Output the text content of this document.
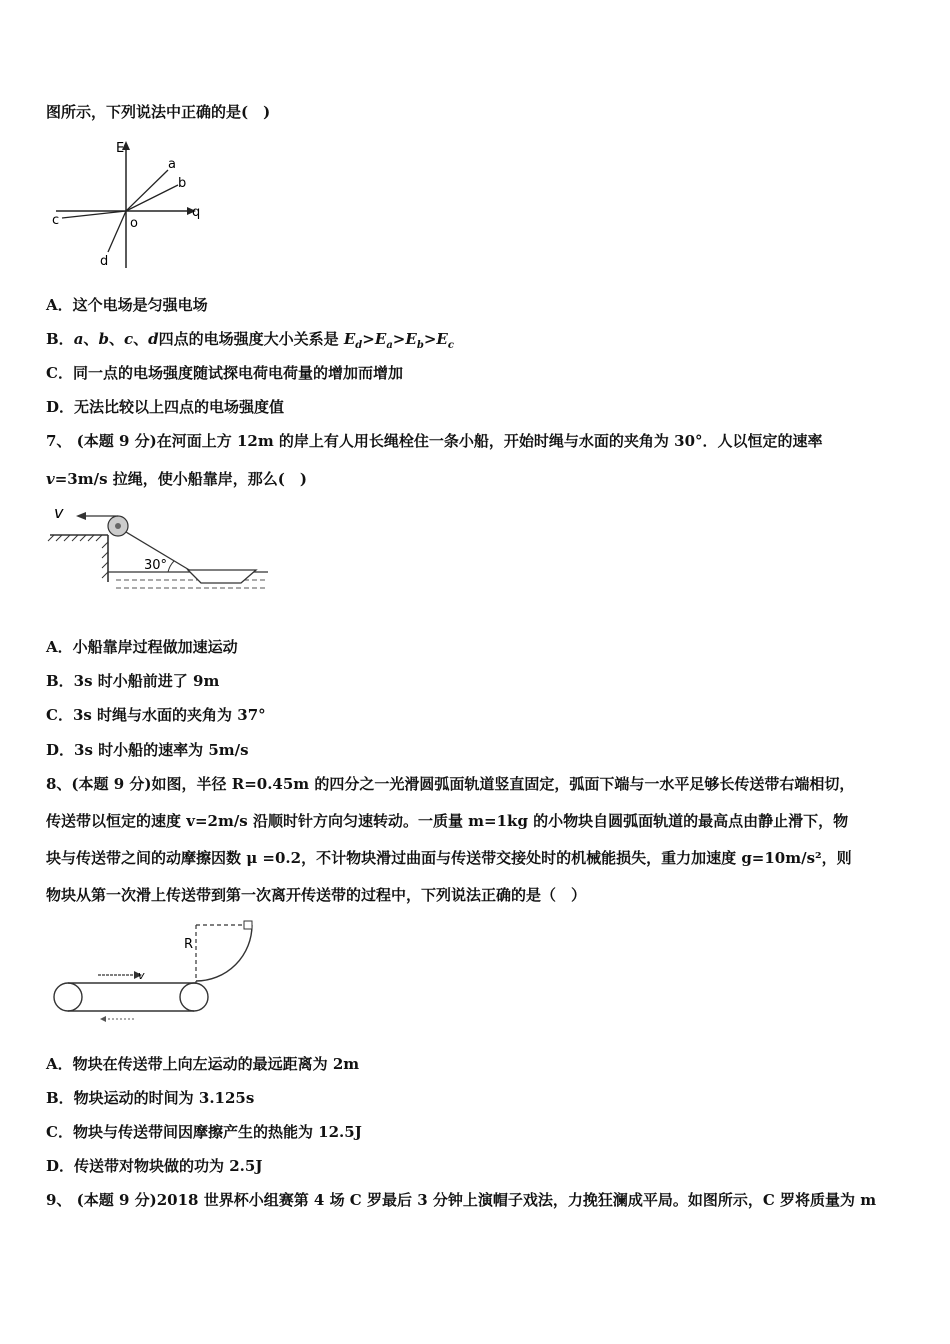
图所示，下列说法中正确的是(　)
E
q
o
a
b
c
d
A．这个电场是匀强电场
B．a、b、c、d四点的电场强度大小关系是 $E_d>E_a>E_b>E_c$
C．同一点的电场强度随试探电荷电荷量的增加而增加
D．无法比较以上四点的电场强度值
7、 (本题 9 分)在河面上方 12m 的岸上有人用长绳栓住一条小船，开始时绳与水面的夹角为 30°．人以恒定的速率
v=3m/s 拉绳，使小船靠岸，那么(　)
v
30°
A．小船靠岸过程做加速运动
B．3s 时小船前进了 9m
C．3s 时绳与水面的夹角为 37°
D．3s 时小船的速率为 5m/s
8、(本题 9 分)如图，半径 R=0.45m 的四分之一光滑圆弧面轨道竖直固定，弧面下端与一水平足够长传送带右端相切，
传送带以恒定的速度 v=2m/s 沿顺时针方向匀速转动。一质量 m=1kg 的小物块自圆弧面轨道的最高点由静止滑下，物
块与传送带之间的动摩擦因数 μ =0.2，不计物块滑过曲面与传送带交接处时的机械能损失，重力加速度 g=10m/s²，则
物块从第一次滑上传送带到第一次离开传送带的过程中，下列说法正确的是（　）
R
v
A．物块在传送带上向左运动的最远距离为 2m
B．物块运动的时间为 3.125s
C．物块与传送带间因摩擦产生的热能为 12.5J
D．传送带对物块做的功为 2.5J
9、 (本题 9 分)2018 世界杯小组赛第 4 场 C 罗最后 3 分钟上演帽子戏法，力挽狂澜成平局。如图所示，C 罗将质量为 m
